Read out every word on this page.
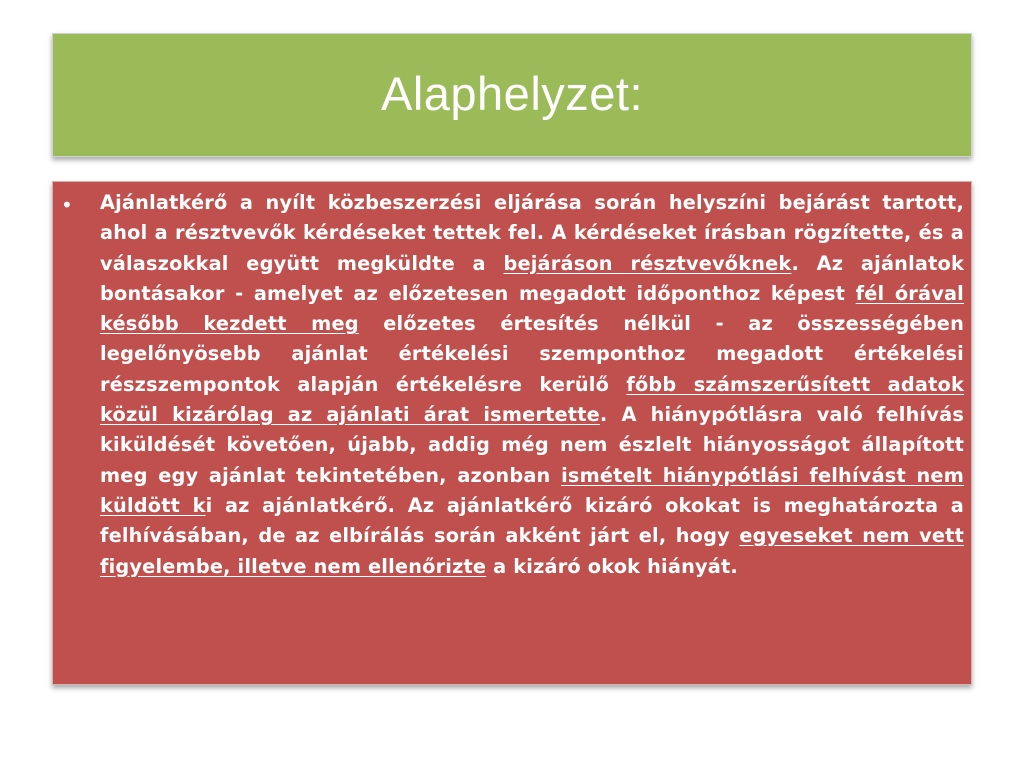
Alaphelyzet:
• Ajánlatkérő a nyílt közbeszerzési eljárása során helyszíni bejárást tartott, ahol a résztvevők kérdéseket tettek fel. A kérdéseket írásban rögzítette, és a válaszokkal együtt megküldte a bejáráson résztvevőknek. Az ajánlatok bontásakor - amelyet az előzetesen megadott időponthoz képest fél órával később kezdett meg előzetes értesítés nélkül - az összességében legelőnyösebb ajánlat értékelési szemponthoz megadott értékelési részszempontok alapján értékelésre kerülő főbb számszerűsített adatok közül kizárólag az ajánlati árat ismertette. A hiánypótlásra való felhívás kiküldését követően, újabb, addig még nem észlelt hiányosságot állapított meg egy ajánlat tekintetében, azonban ismételt hiánypótlási felhívást nem küldött ki az ajánlatkérő. Az ajánlatkérő kizáró okokat is meghatározta a felhívásában, de az elbírálás során akként járt el, hogy egyeseket nem vett figyelembe, illetve nem ellenőrizte a kizáró okok hiányát.
